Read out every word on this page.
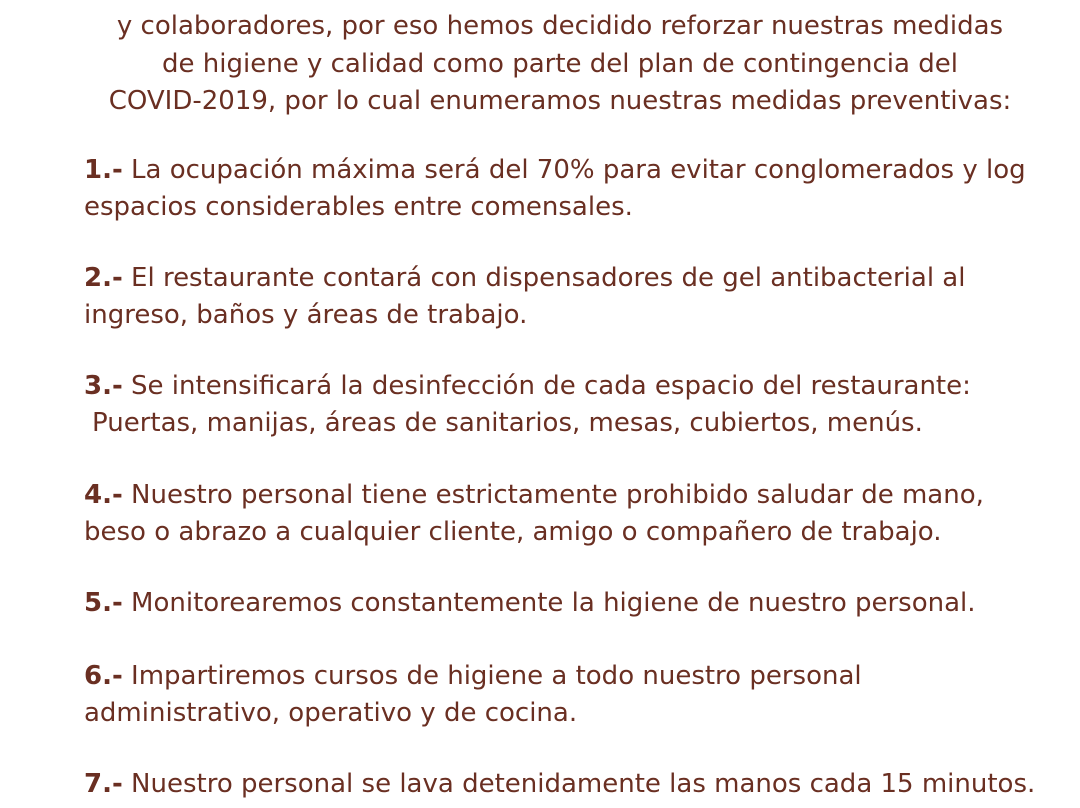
y colaboradores, por eso hemos decidido reforzar nuestras medidas
de higiene y calidad como parte del plan de contingencia del
COVID-2019, por lo cual enumeramos nuestras medidas preventivas:
1.- La ocupación máxima será del 70% para evitar conglomerados y log
espacios considerables entre comensales.
2.- El restaurante contará con dispensadores de gel antibacterial al
ingreso, baños y áreas de trabajo.
3.- Se intensificará la desinfección de cada espacio del restaurante:
Puertas, manijas, áreas de sanitarios, mesas, cubiertos, menús.
4.- Nuestro personal tiene estrictamente prohibido saludar de mano,
beso o abrazo a cualquier cliente, amigo o compañero de trabajo.
5.- Monitorearemos constantemente la higiene de nuestro personal.
6.- Impartiremos cursos de higiene a todo nuestro personal
administrativo, operativo y de cocina.
7.- Nuestro personal se lava detenidamente las manos cada 15 minutos.
